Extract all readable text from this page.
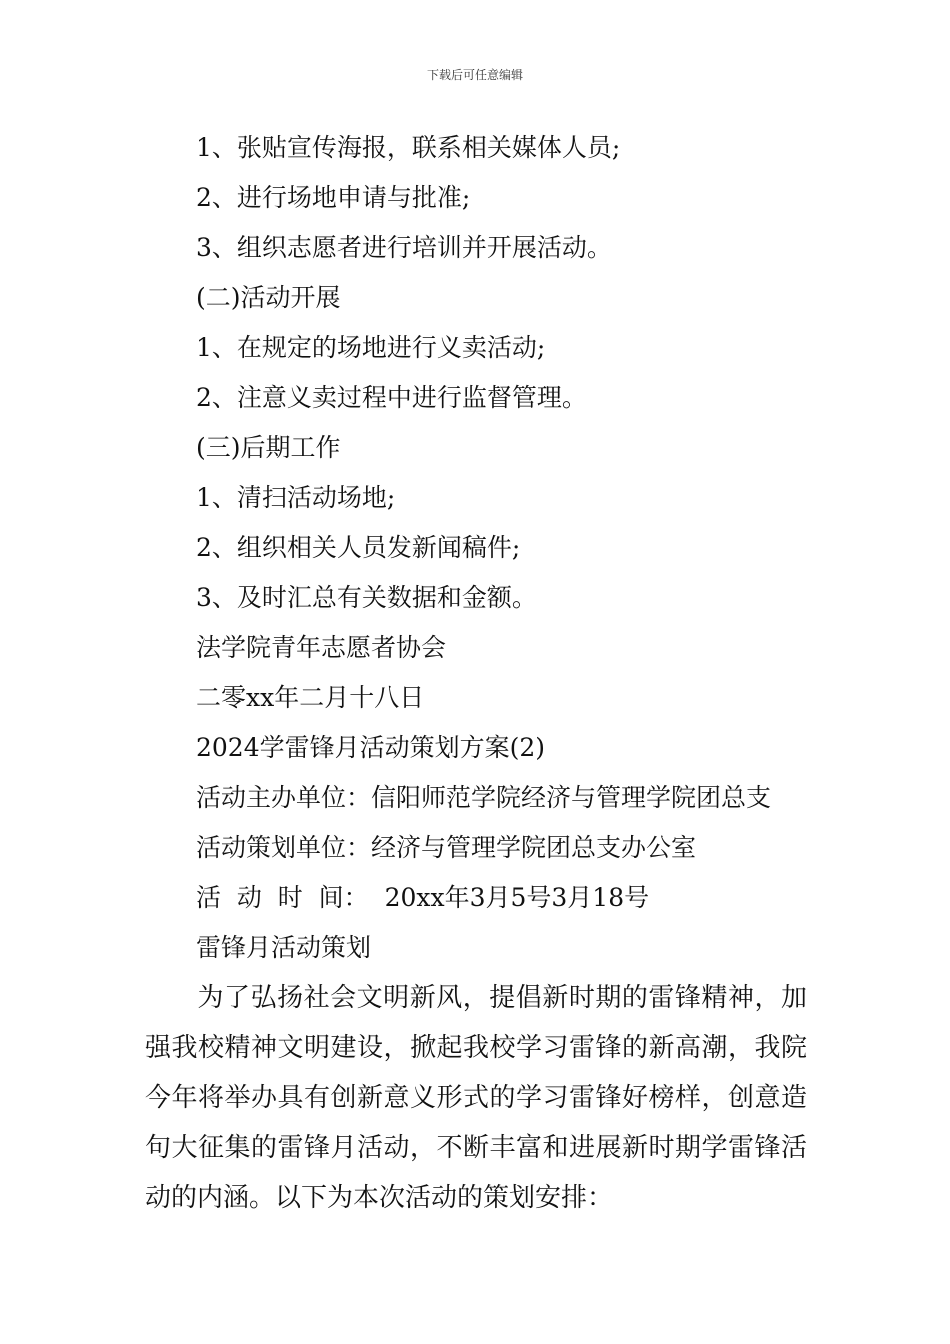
下载后可任意编辑
1、张贴宣传海报，联系相关媒体人员;
2、进行场地申请与批准;
3、组织志愿者进行培训并开展活动。
(二)活动开展
1、在规定的场地进行义卖活动;
2、注意义卖过程中进行监督管理。
(三)后期工作
1、清扫活动场地;
2、组织相关人员发新闻稿件;
3、及时汇总有关数据和金额。
法学院青年志愿者协会
二零xx年二月十八日
2024学雷锋月活动策划方案(2)
活动主办单位：信阳师范学院经济与管理学院团总支
活动策划单位：经济与管理学院团总支办公室
活  动  时  间：  20xx年3月5号3月18号
雷锋月活动策划
为了弘扬社会文明新风，提倡新时期的雷锋精神，加强我校精神文明建设，掀起我校学习雷锋的新高潮，我院今年将举办具有创新意义形式的学习雷锋好榜样，创意造句大征集的雷锋月活动，不断丰富和进展新时期学雷锋活动的内涵。以下为本次活动的策划安排：
